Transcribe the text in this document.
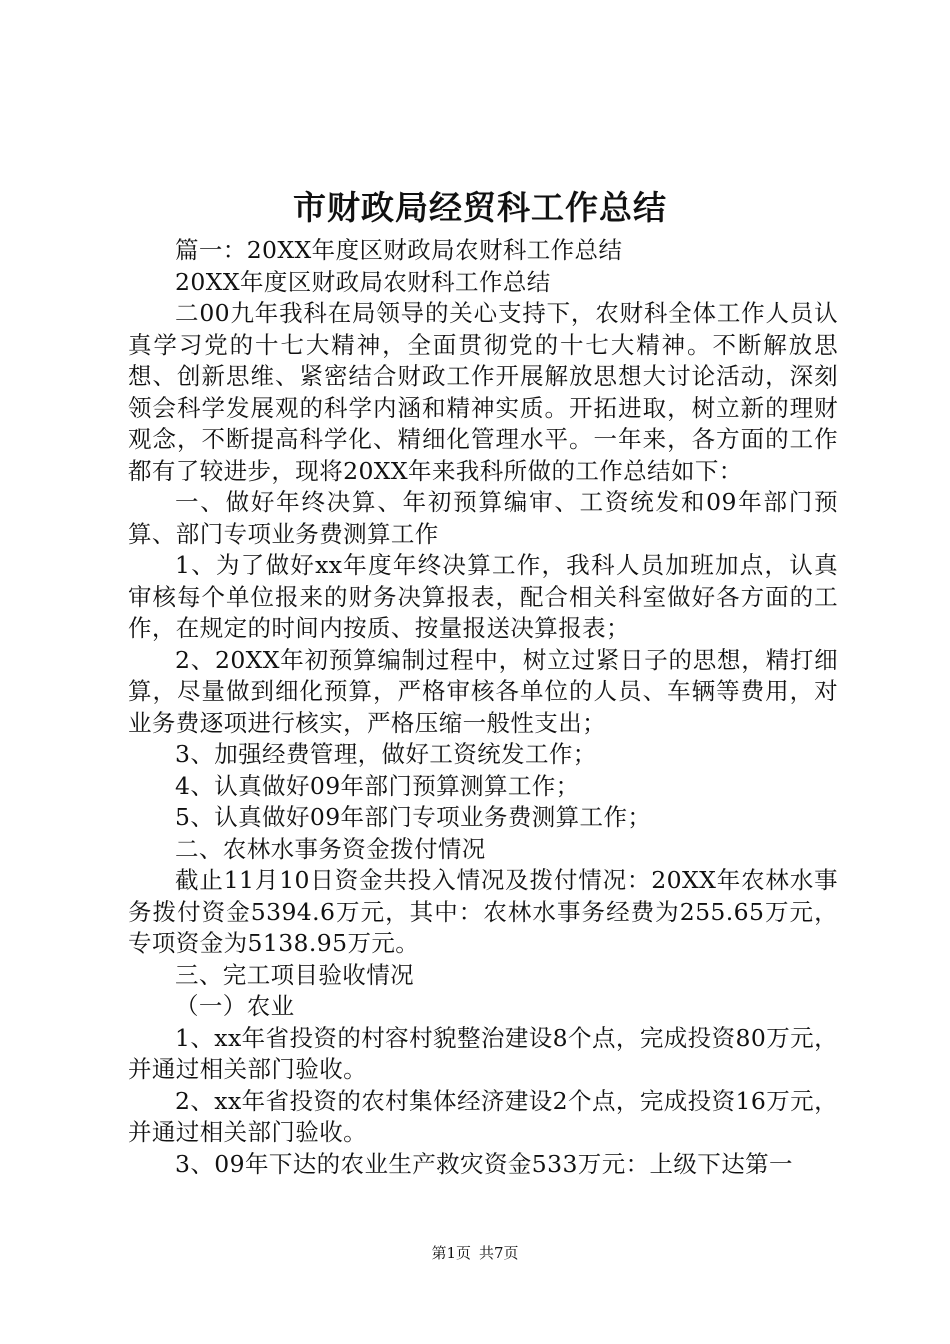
市财政局经贸科工作总结

篇一：20XX年度区财政局农财科工作总结

20XX年度区财政局农财科工作总结

二00九年我科在局领导的关心支持下，农财科全体工作人员认真学习党的十七大精神，全面贯彻党的十七大精神。不断解放思想、创新思维、紧密结合财政工作开展解放思想大讨论活动，深刻领会科学发展观的科学内涵和精神实质。开拓进取，树立新的理财观念，不断提高科学化、精细化管理水平。一年来，各方面的工作都有了较进步，现将20XX年来我科所做的工作总结如下：

一、做好年终决算、年初预算编审、工资统发和09年部门预算、部门专项业务费测算工作

1、为了做好xx年度年终决算工作，我科人员加班加点，认真审核每个单位报来的财务决算报表，配合相关科室做好各方面的工作，在规定的时间内按质、按量报送决算报表；

2、20XX年初预算编制过程中，树立过紧日子的思想，精打细算，尽量做到细化预算，严格审核各单位的人员、车辆等费用，对业务费逐项进行核实，严格压缩一般性支出；

3、加强经费管理，做好工资统发工作；

4、认真做好09年部门预算测算工作；

5、认真做好09年部门专项业务费测算工作；

二、农林水事务资金拨付情况

截止11月10日资金共投入情况及拨付情况：20XX年农林水事务拨付资金5394.6万元，其中：农林水事务经费为255.65万元，专项资金为5138.95万元。

三、完工项目验收情况

（一）农业

1、xx年省投资的村容村貌整治建设8个点，完成投资80万元，并通过相关部门验收。

2、xx年省投资的农村集体经济建设2个点，完成投资16万元，并通过相关部门验收。

3、09年下达的农业生产救灾资金533万元：上级下达第一

第1页 共7页
